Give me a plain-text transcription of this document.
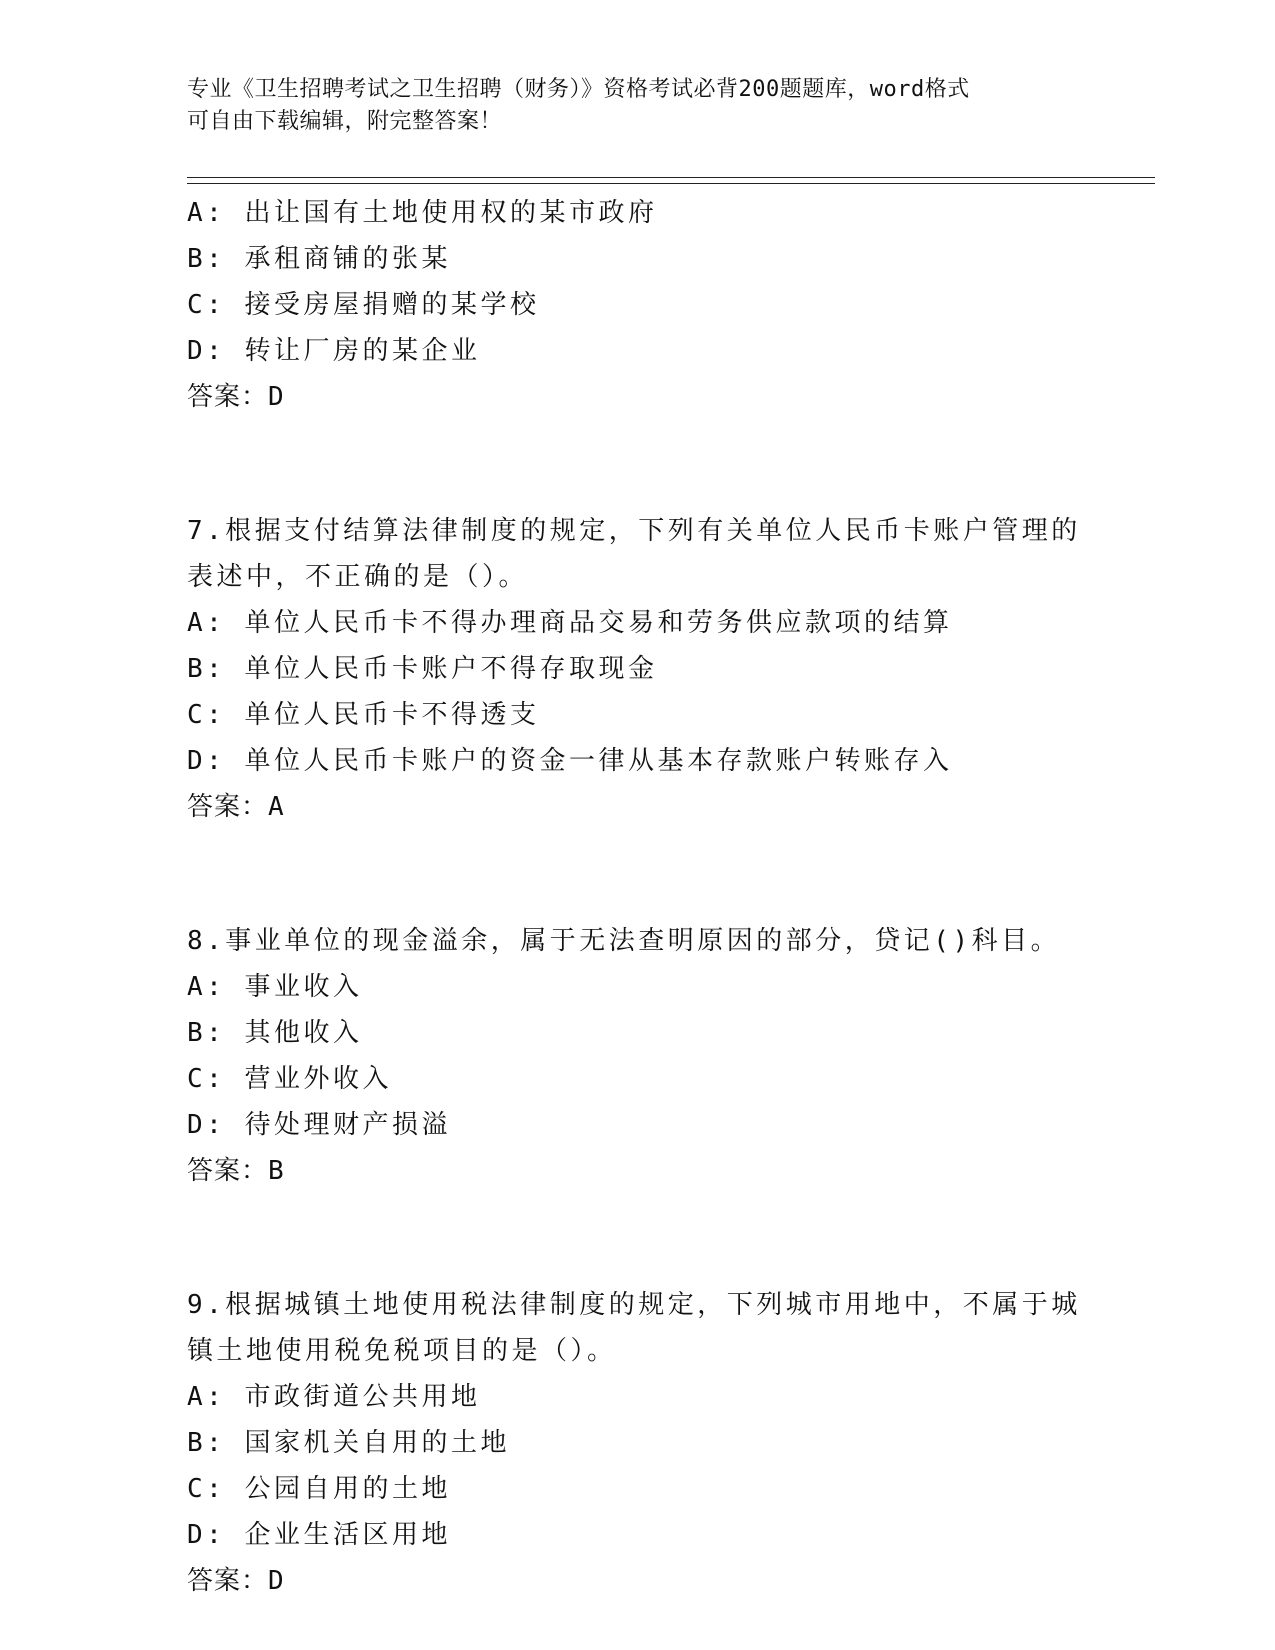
专业《卫生招聘考试之卫生招聘（财务）》资格考试必背200题题库，word格式
可自由下载编辑，附完整答案！
A: 出让国有土地使用权的某市政府
B: 承租商铺的张某
C: 接受房屋捐赠的某学校
D: 转让厂房的某企业
答案：D
7.根据支付结算法律制度的规定，下列有关单位人民币卡账户管理的
表述中，不正确的是（）。
A: 单位人民币卡不得办理商品交易和劳务供应款项的结算
B: 单位人民币卡账户不得存取现金
C: 单位人民币卡不得透支
D: 单位人民币卡账户的资金一律从基本存款账户转账存入
答案：A
8.事业单位的现金溢余，属于无法查明原因的部分，贷记()科目。
A: 事业收入
B: 其他收入
C: 营业外收入
D: 待处理财产损溢
答案：B
9.根据城镇土地使用税法律制度的规定，下列城市用地中，不属于城
镇土地使用税免税项目的是（）。
A: 市政街道公共用地
B: 国家机关自用的土地
C: 公园自用的土地
D: 企业生活区用地
答案：D
